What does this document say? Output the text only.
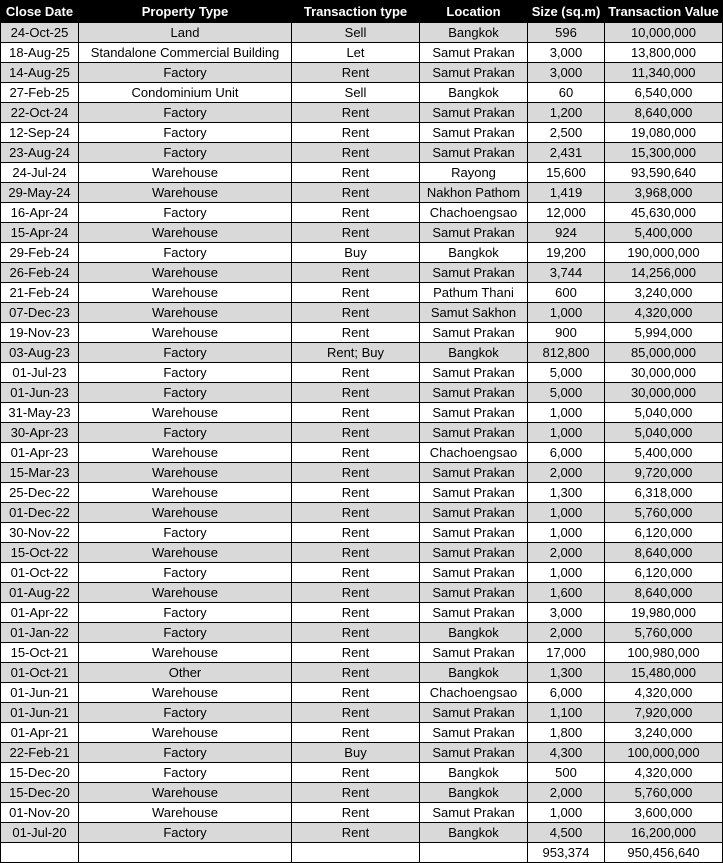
Close Date	Property Type	Transaction type	Location	Size (sq.m)	Transaction Value
24-Oct-25	Land	Sell	Bangkok	596	10,000,000
18-Aug-25	Standalone Commercial Building	Let	Samut Prakan	3,000	13,800,000
14-Aug-25	Factory	Rent	Samut Prakan	3,000	11,340,000
27-Feb-25	Condominium Unit	Sell	Bangkok	60	6,540,000
22-Oct-24	Factory	Rent	Samut Prakan	1,200	8,640,000
12-Sep-24	Factory	Rent	Samut Prakan	2,500	19,080,000
23-Aug-24	Factory	Rent	Samut Prakan	2,431	15,300,000
24-Jul-24	Warehouse	Rent	Rayong	15,600	93,590,640
29-May-24	Warehouse	Rent	Nakhon Pathom	1,419	3,968,000
16-Apr-24	Factory	Rent	Chachoengsao	12,000	45,630,000
15-Apr-24	Warehouse	Rent	Samut Prakan	924	5,400,000
29-Feb-24	Factory	Buy	Bangkok	19,200	190,000,000
26-Feb-24	Warehouse	Rent	Samut Prakan	3,744	14,256,000
21-Feb-24	Warehouse	Rent	Pathum Thani	600	3,240,000
07-Dec-23	Warehouse	Rent	Samut Sakhon	1,000	4,320,000
19-Nov-23	Warehouse	Rent	Samut Prakan	900	5,994,000
03-Aug-23	Factory	Rent; Buy	Bangkok	812,800	85,000,000
01-Jul-23	Factory	Rent	Samut Prakan	5,000	30,000,000
01-Jun-23	Factory	Rent	Samut Prakan	5,000	30,000,000
31-May-23	Warehouse	Rent	Samut Prakan	1,000	5,040,000
30-Apr-23	Factory	Rent	Samut Prakan	1,000	5,040,000
01-Apr-23	Warehouse	Rent	Chachoengsao	6,000	5,400,000
15-Mar-23	Warehouse	Rent	Samut Prakan	2,000	9,720,000
25-Dec-22	Warehouse	Rent	Samut Prakan	1,300	6,318,000
01-Dec-22	Warehouse	Rent	Samut Prakan	1,000	5,760,000
30-Nov-22	Factory	Rent	Samut Prakan	1,000	6,120,000
15-Oct-22	Warehouse	Rent	Samut Prakan	2,000	8,640,000
01-Oct-22	Factory	Rent	Samut Prakan	1,000	6,120,000
01-Aug-22	Warehouse	Rent	Samut Prakan	1,600	8,640,000
01-Apr-22	Factory	Rent	Samut Prakan	3,000	19,980,000
01-Jan-22	Factory	Rent	Bangkok	2,000	5,760,000
15-Oct-21	Warehouse	Rent	Samut Prakan	17,000	100,980,000
01-Oct-21	Other	Rent	Bangkok	1,300	15,480,000
01-Jun-21	Warehouse	Rent	Chachoengsao	6,000	4,320,000
01-Jun-21	Factory	Rent	Samut Prakan	1,100	7,920,000
01-Apr-21	Warehouse	Rent	Samut Prakan	1,800	3,240,000
22-Feb-21	Factory	Buy	Samut Prakan	4,300	100,000,000
15-Dec-20	Factory	Rent	Bangkok	500	4,320,000
15-Dec-20	Warehouse	Rent	Bangkok	2,000	5,760,000
01-Nov-20	Warehouse	Rent	Samut Prakan	1,000	3,600,000
01-Jul-20	Factory	Rent	Bangkok	4,500	16,200,000
				953,374	950,456,640
